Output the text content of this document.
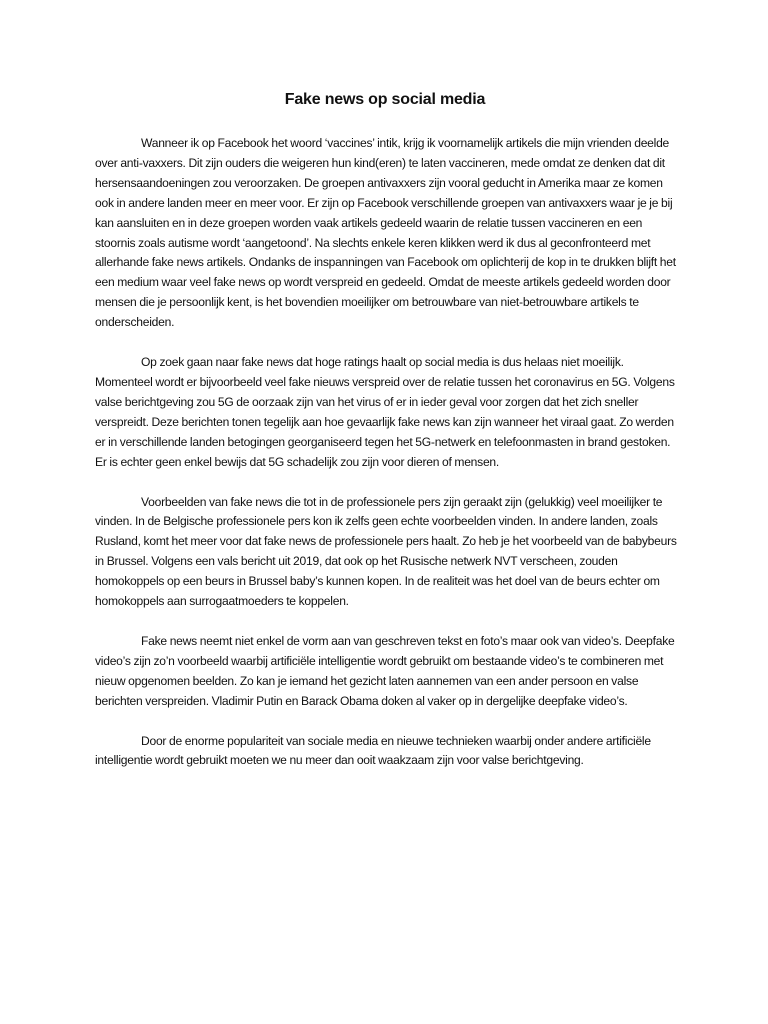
Fake news op social media

Wanneer ik op Facebook het woord ‘vaccines’ intik, krijg ik voornamelijk artikels die mijn vrienden deelde over anti-vaxxers. Dit zijn ouders die weigeren hun kind(eren) te laten vaccineren, mede omdat ze denken dat dit hersensaandoeningen zou veroorzaken. De groepen antivaxxers zijn vooral geducht in Amerika maar ze komen ook in andere landen meer en meer voor. Er zijn op Facebook verschillende groepen van antivaxxers waar je je bij kan aansluiten en in deze groepen worden vaak artikels gedeeld waarin de relatie tussen vaccineren en een stoornis zoals autisme wordt ‘aangetoond’. Na slechts enkele keren klikken werd ik dus al geconfronteerd met allerhande fake news artikels. Ondanks de inspanningen van Facebook om oplichterij de kop in te drukken blijft het een medium waar veel fake news op wordt verspreid en gedeeld. Omdat de meeste artikels gedeeld worden door mensen die je persoonlijk kent, is het bovendien moeilijker om betrouwbare van niet-betrouwbare artikels te onderscheiden.

Op zoek gaan naar fake news dat hoge ratings haalt op social media is dus helaas niet moeilijk. Momenteel wordt er bijvoorbeeld veel fake nieuws verspreid over de relatie tussen het coronavirus en 5G. Volgens valse berichtgeving zou 5G de oorzaak zijn van het virus of er in ieder geval voor zorgen dat het zich sneller verspreidt. Deze berichten tonen tegelijk aan hoe gevaarlijk fake news kan zijn wanneer het viraal gaat. Zo werden er in verschillende landen betogingen georganiseerd tegen het 5G-netwerk en telefoonmasten in brand gestoken. Er is echter geen enkel bewijs dat 5G schadelijk zou zijn voor dieren of mensen.

Voorbeelden van fake news die tot in de professionele pers zijn geraakt zijn (gelukkig) veel moeilijker te vinden. In de Belgische professionele pers kon ik zelfs geen echte voorbeelden vinden. In andere landen, zoals Rusland, komt het meer voor dat fake news de professionele pers haalt. Zo heb je het voorbeeld van de babybeurs in Brussel. Volgens een vals bericht uit 2019, dat ook op het Rusische netwerk NVT verscheen, zouden homokoppels op een beurs in Brussel baby’s kunnen kopen. In de realiteit was het doel van de beurs echter om homokoppels aan surrogaatmoeders te koppelen.

Fake news neemt niet enkel de vorm aan van geschreven tekst en foto’s maar ook van video’s. Deepfake video’s zijn zo’n voorbeeld waarbij artificiële intelligentie wordt gebruikt om bestaande video’s te combineren met nieuw opgenomen beelden. Zo kan je iemand het gezicht laten aannemen van een ander persoon en valse berichten verspreiden. Vladimir Putin en Barack Obama doken al vaker op in dergelijke deepfake video’s.

Door de enorme populariteit van sociale media en nieuwe technieken waarbij onder andere artificiële intelligentie wordt gebruikt moeten we nu meer dan ooit waakzaam zijn voor valse berichtgeving.
